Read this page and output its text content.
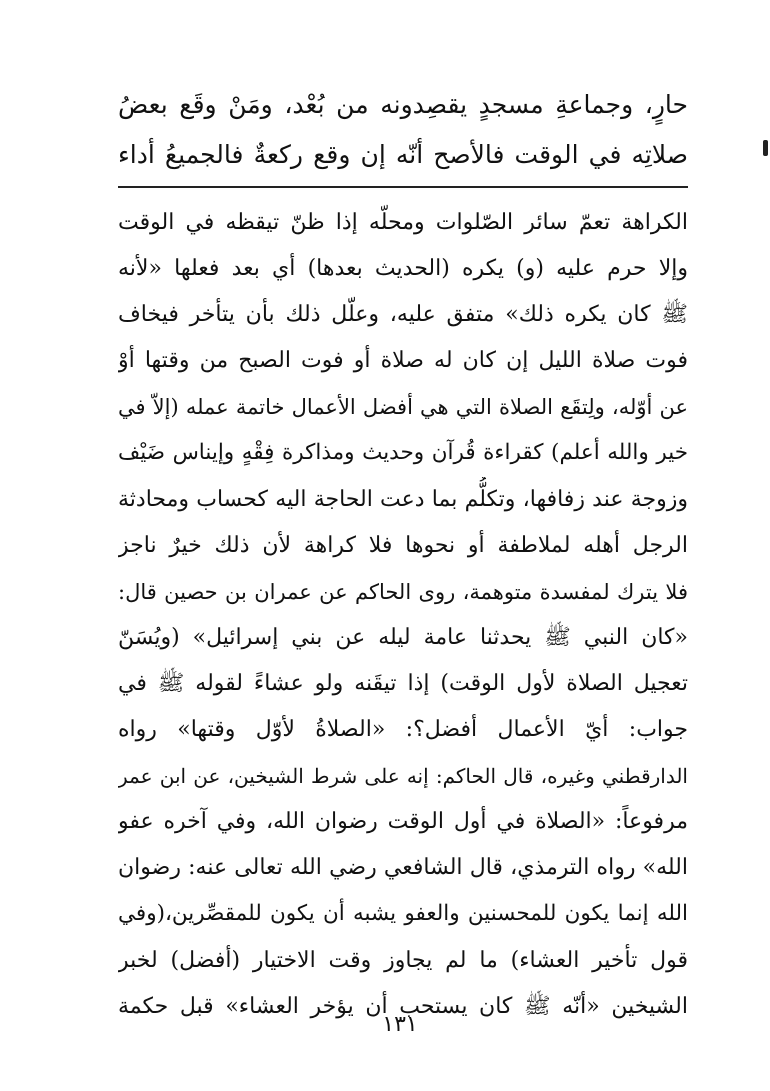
حارٍ، وجماعةِ مسجدٍ يقصِدونه من بُعْد، ومَنْ وقَع بعضُ
صلاتِه في الوقت فالأصح أنّه إن وقع ركعةٌ فالجميعُ أداء
الكراهة تعمّ سائر الصّلوات ومحلّه إذا ظنّ تيقظه في الوقت
وإلا حرم عليه (و) يكره (الحديث بعدها) أي بعد فعلها «لأنه
ﷺ كان يكره ذلك» متفق عليه، وعلّل ذلك بأن يتأخر فيخاف
فوت صلاة الليل إن كان له صلاة أو فوت الصبح من وقتها أوْ
عن أوّله، ولِتقَع الصلاة التي هي أفضل الأعمال خاتمة عمله (إلاّ في
خير والله أعلم) كقراءة قُرآن وحديث ومذاكرة فِقْهٍ وإيناس ضَيْف
وزوجة عند زفافها، وتكلُّم بما دعت الحاجة اليه كحساب ومحادثة
الرجل أهله لملاطفة أو نحوها فلا كراهة لأن ذلك خيرٌ ناجز
فلا يترك لمفسدة متوهمة، روى الحاكم عن عمران بن حصين قال:
«كان النبي ﷺ يحدثنا عامة ليله عن بني إسرائيل» (ويُسَنّ
تعجيل الصلاة لأول الوقت) إذا تيقَنه ولو عشاءً لقوله ﷺ في
جواب: أيّ الأعمال أفضل؟: «الصلاةُ لأوّل وقتها» رواه
الدارقطني وغيره، قال الحاكم: إنه على شرط الشيخين، عن ابن عمر
مرفوعاً: «الصلاة في أول الوقت رضوان الله، وفي آخره عفو
الله» رواه الترمذي، قال الشافعي رضي الله تعالى عنه: رضوان
الله إنما يكون للمحسنين والعفو يشبه أن يكون للمقصِّرين،(وفي
قول تأخير العشاء) ما لم يجاوز وقت الاختيار (أفضل) لخبر
الشيخين «أنّه ﷺ كان يستحب أن يؤخر العشاء» قبل حكمة
١٣١
